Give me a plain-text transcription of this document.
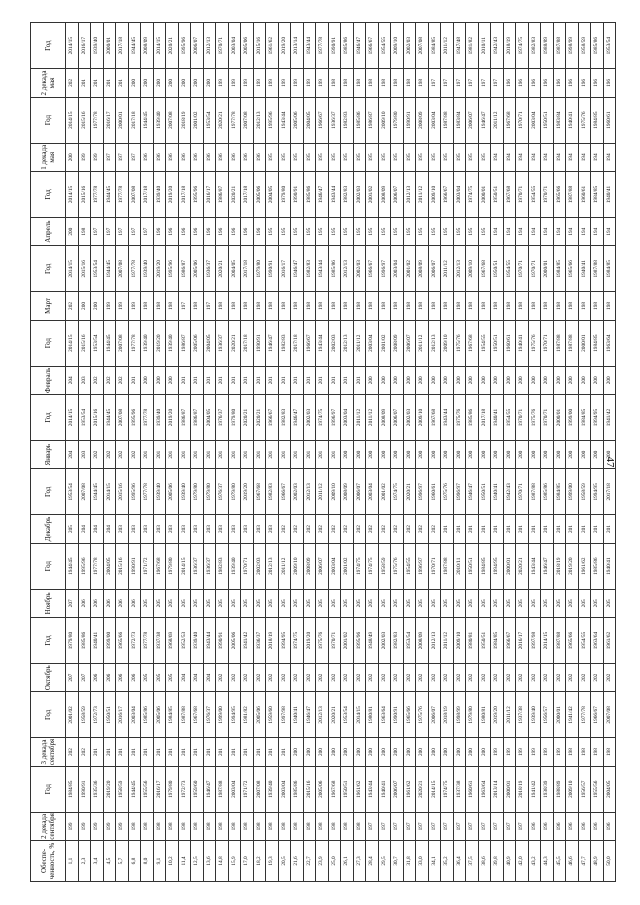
47
Обеспе-ченность, %	2 декада сентября	Год	3 декада сентября	Год	Октябрь	Год	Ноябрь	Год	Декабрь	Год	Январь	Год	Февраль	Год	Март	Год	Апрель	Год	1 декада мая	Год	2 декада мая	Год
1,1	199	1984/85	202	2001/02	207	1979/80	207	1944/45	205	1953/54	204	2014/15	204	2014/15	202	2014/15	200	2014/15	200	2014/15	202	2014/15
2,3	199	1990/91	202	1958/59	207	1985/86	206	1995/96	204	2007/08	203	1953/54	203	2015/16	200	2015/16	198	2015/16	199	2015/16	201	2016/17
3,4	199	1935/36	201	1972/73	206	1940/41	206	1977/78	204	1944/45	202	2015/16	202	1953/54	200	1953/54	197	1977/78	199	1977/78	201	1939/40
4,5	199	2019/20	201	1950/51	206	1999/00	206	2004/05	204	2014/15	202	1944/45	202	1944/45	199	1944/45	197	1944/45	197	2016/17	201	2000/01
5,7	199	1958/59	201	2016/17	206	1965/66	206	2015/16	203	2015/16	202	2007/08	202	2007/08	199	2007/08	197	1977/78	197	2000/01	201	2017/18
6,8	198	1944/45	201	2003/04	206	1972/73	206	1990/91	203	1995/96	202	1995/96	201	1977/78	199	1977/78	197	2007/08	197	2017/18	200	1944/45
8,0	198	1955/56	201	1985/86	205	1977/78	205	1971/72	203	1977/78	201	1977/78	200	1939/40	198	1939/40	197	2017/18	196	1944/45	200	2008/09
9,1	198	2016/17	201	2005/06	205	1937/38	205	1967/68	203	1939/40	201	1939/40	200	2019/20	198	2019/20	196	1939/40	196	1939/40	200	2014/15
10,2	198	1979/80	201	1984/85	205	1968/69	205	1979/80	203	2005/06	201	2019/20	200	1939/40	198	1995/96	196	2019/20	196	2007/08	200	2020/21
11,4	198	1972/73	201	1987/88	204	1952/53	205	2014/15	203	1939/40	201	1986/87	201	1986/87	197	1986/87	196	2017/18	196	2018/19	200	1995/96
12,5	198	1959/60	201	1967/68	204	1939/40	205	1936/37	203	1979/80	201	1986/87	201	2005/06	198	2005/06	196	1995/96	196	2001/02	200	2006/07
13,6	198	1946/47	201	1976/37	204	1943/44	205	1936/37	203	1979/80	201	2004/05	201	2004/05	197	1936/37	196	2016/17	196	1953/54	200	2012/13
14,8	198	1987/88	201	1999/00	202	1990/91	205	1982/83	203	1976/37	201	1976/37	201	1936/37	198	2020/21	196	1986/87	196	2020/21	199	1970/71
15,9	198	2003/04	201	1994/95	202	2005/06	205	1939/40	203	1979/80	201	1979/80	201	2020/21	198	2004/05	196	2020/21	196	1977/78	199	2003/04
17,0	198	1971/72	201	1981/82	202	1941/42	205	1970/71	203	2019/20	201	2020/21	201	2017/18	198	2017/18	196	2017/18	196	2007/08	199	2005/06
18,2	198	2007/08	201	2005/06	202	1936/37	205	2002/03	203	1967/68	201	2020/21	201	1990/91	198	1979/80	196	2005/06	196	2012/13	199	2015/16
19,3	198	1939/40	201	1959/60	202	2018/19	205	2012/13	203	1982/83	201	1966/67	201	1946/47	198	1990/91	195	2004/05	195	1995/96	199	1961/62
20,5	198	2003/04	201	1997/98	202	1994/95	205	2011/12	202	1966/67	201	1982/83	201	1982/83	198	2016/17	195	1979/80	195	1943/44	199	2019/20
21,6	198	1985/86	200	1940/41	202	1974/75	205	2009/10	202	2002/03	201	1946/47	201	2017/18	198	1946/47	195	1990/91	195	2005/06	199	2013/14
22,7	198	2015/16	200	1946/47	202	2019/20	205	2008/09	202	2012/13	201	2002/03	201	1966/67	198	1982/83	195	1985/86	195	2004/05	199	1943/44
23,9	198	2005/06	200	2012/13	202	1975/76	205	2006/07	202	2011/12	201	1974/75	201	1943/44	198	1943/44	195	1946/47	195	1966/67	199	1977/78
25,0	198	1967/68	200	2020/21	202	1970/71	205	2003/04	202	2009/10	201	1996/97	201	2002/03	198	1985/86	195	1943/44	195	1936/37	198	1990/91
26,1	198	1950/51	200	1953/54	202	2001/02	205	2001/02	202	2008/09	200	2003/04	201	2012/13	198	2012/13	195	1982/83	195	1982/83	198	1985/86
27,3	198	1961/62	200	2014/15	202	1995/96	205	1974/75	202	2006/07	200	2011/12	201	2011/12	198	2002/03	195	2002/03	195	1985/86	198	1946/47
28,4	197	1943/44	200	1980/81	202	1948/49	205	1974/75	202	2003/04	200	2011/12	200	2003/04	198	1966/67	195	2001/02	195	1986/87	198	1966/67
29,5	197	1940/41	200	1963/64	202	2002/03	205	1958/59	202	2001/02	200	2008/09	200	2001/02	198	1996/97	195	2008/09	195	2009/10	198	1954/55
30,7	197	2006/07	200	1990/91	202	1982/83	205	1975/76	202	1974/75	200	2006/07	200	2008/09	198	2003/04	195	2006/07	195	1979/80	198	2009/10
31,8	197	1961/62	200	1965/66	202	1953/54	205	1954/55	202	2020/21	200	2002/03	200	2006/07	198	2001/02	195	2012/13	195	1990/91	198	2002/03
33,0	197	2020/21	200	1975/76	202	2008/09	205	1996/97	202	1996/97	200	2009/10	200	2011/12	198	2008/09	195	2011/12	195	2008/09	198	2007/08
34,1	197	2014/15	200	2006/07	202	2012/13	205	1970/71	202	1960/61	200	1967/68	200	2012/13	198	2006/07	195	2009/10	195	2003/04	197	1984/85
35,2	197	1974/75	200	2018/19	202	2011/12	205	1987/88	201	1975/76	200	1943/44	200	2009/10	198	2011/12	195	1966/67	195	1987/88	197	2011/12
36,4	197	1937/38	200	1998/99	202	2009/10	205	2010/11	201	1996/97	200	1975/76	200	1975/76	198	2012/13	195	2003/04	195	1983/84	197	1947/48
37,5	197	1960/61	200	1979/80	202	1980/81	205	1950/51	201	1946/47	200	1985/86	200	1967/68	198	2009/10	195	1974/75	195	2006/07	197	1981/82
38,6	197	1963/64	200	1980/81	202	1950/51	205	1984/85	201	1950/51	200	2017/18	200	1954/55	198	1967/68	195	2000/01	195	1946/47	197	2010/11
39,8	197	2013/14	199	2019/20	202	1984/85	205	1994/95	201	1940/41	200	1940/41	200	1950/51	198	1950/51	194	1950/51	194	2011/12	197	1942/43
40,9	197	2000/01	199	2011/12	202	1966/67	205	2000/01	201	1942/43	200	1954/55	200	1960/61	198	1954/55	194	1967/68	194	1967/68	196	2018/19
42,0	197	2018/19	199	1937/38	202	2016/17	205	2020/21	201	1970/71	200	1970/71	200	1940/41	198	1970/71	194	1970/71	194	1970/71	196	1974/75
43,2	196	1941/42	199	1939/40	202	1997/98	205	1943/44	201	1987/88	200	1975/76	200	1975/76	198	1970/71	194	1954/55	194	2003/04	196	1982/83
44,3	196	1938/39	199	1956/57	202	2014/15	205	1946/47	201	1985/86	200	1970/71	200	1970/71	198	2000/01	194	1970/71	194	1950/51	196	1988/89
45,5	196	1988/89	199	2000/01	202	1987/88	205	2018/19	201	1984/85	200	2000/01	200	1987/88	198	1984/85	194	1965/66	194	1983/84	196	1987/88
46,6	196	2009/10	198	1941/42	202	1965/66	205	2019/20	201	1999/00	200	1999/00	200	1987/88	198	1965/66	194	1987/88	194	1940/41	196	1998/99
47,7	196	1956/57	198	1977/78	202	1954/55	205	1961/62	201	1958/59	200	1984/85	200	2000/01	198	1940/41	194	1960/61	194	1975/76	196	1958/59
48,9	196	1955/56	198	1966/67	202	1963/64	205	1985/86	201	1994/95	200	1994/95	200	1984/85	198	1987/88	194	1984/85	194	1984/85	196	1985/86
50,0	196	2004/05	198	2007/08	202	1961/62	205	1940/41	201	2017/18	200	1941/42	200	1963/64	198	1984/85	194	1940/41	194	1960/61	196	1953/54
